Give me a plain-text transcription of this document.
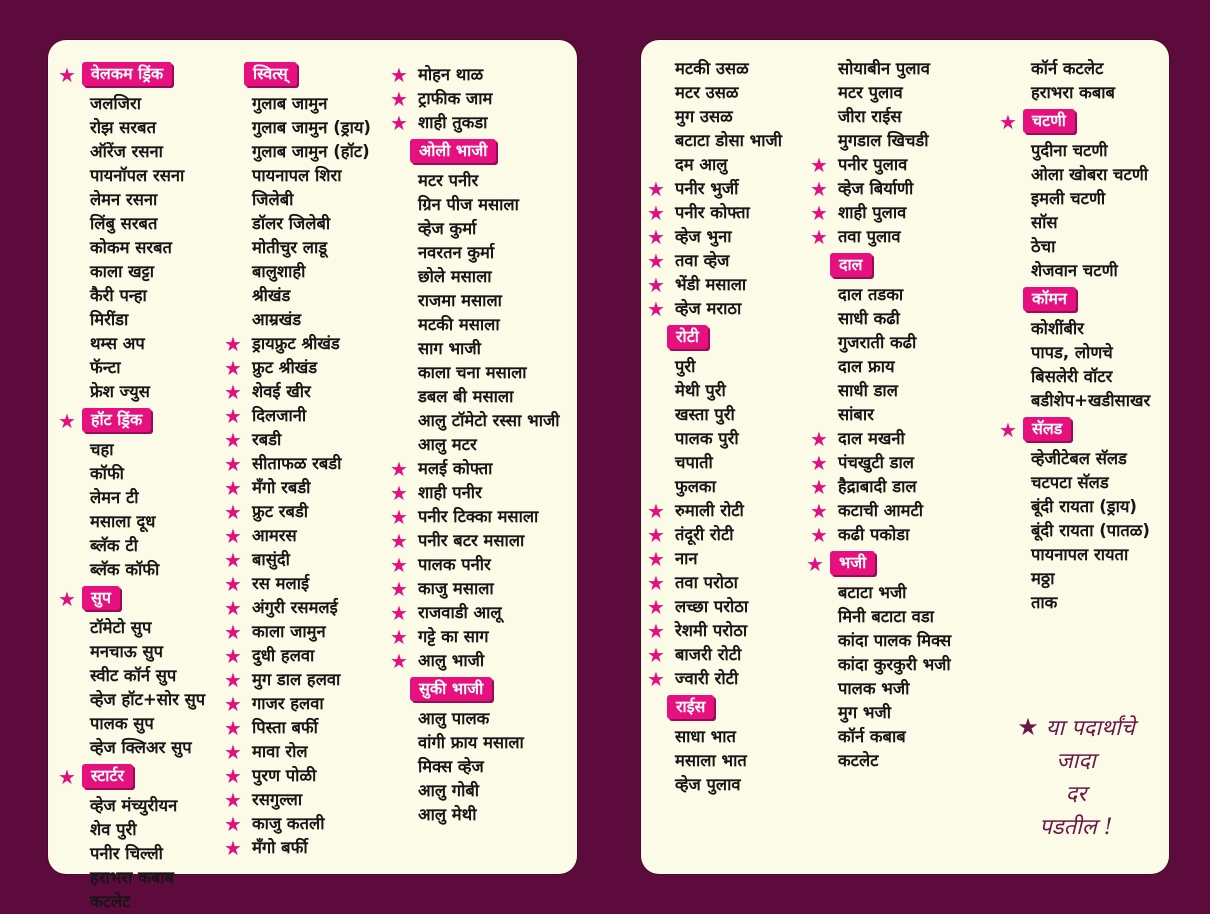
★ वेलकम ड्रिंक
जलजिरा
रोझ सरबत
ऑरेंज रसना
पायनॉपल रसना
लेमन रसना
लिंबु सरबत
कोकम सरबत
काला खट्टा
कैरी पन्हा
मिरींडा
थम्स अप
फॅन्टा
फ्रेश ज्युस
★ हॉट ड्रिंक
चहा
कॉफी
लेमन टी
मसाला दूध
ब्लॅक टी
ब्लॅक कॉफी
★ सुप
टॉमेटो सुप
मनचाऊ सुप
स्वीट कॉर्न सुप
व्हेज हॉट+सोर सुप
पालक सुप
व्हेज क्लिअर सुप
★ स्टार्टर
व्हेज मंच्युरीयन
शेव पुरी
पनीर चिल्ली
हराभरा कबाब
कटलेट
स्वित्स्
गुलाब जामुन
गुलाब जामुन (ड्राय)
गुलाब जामुन (हॉट)
पायनापल शिरा
जिलेबी
डॉलर जिलेबी
मोतीचुर लाडू
बालुशाही
श्रीखंड
आम्रखंड
★ ड्रायफ्रुट श्रीखंड
★ फ्रुट श्रीखंड
★ शेवई खीर
★ दिलजानी
★ रबडी
★ सीताफळ रबडी
★ मॅंगो रबडी
★ फ्रुट रबडी
★ आमरस
★ बासुंदी
★ रस मलाई
★ अंगुरी रसमलई
★ काला जामुन
★ दुधी हलवा
★ मुग डाल हलवा
★ गाजर हलवा
★ पिस्ता बर्फी
★ मावा रोल
★ पुरण पोळी
★ रसगुल्ला
★ काजु कतली
★ मॅंगो बर्फी
★ मोहन थाळ
★ ट्राफीक जाम
★ शाही तुकडा
ओली भाजी
मटर पनीर
ग्रिन पीज मसाला
व्हेज कुर्मा
नवरतन कुर्मा
छोले मसाला
राजमा मसाला
मटकी मसाला
साग भाजी
काला चना मसाला
डबल बी मसाला
आलु टॉमेटो रस्सा भाजी
आलु मटर
★ मलई कोफ्ता
★ शाही पनीर
★ पनीर टिक्का मसाला
★ पनीर बटर मसाला
★ पालक पनीर
★ काजु मसाला
★ राजवाडी आलू
★ गट्टे का साग
★ आलु भाजी
सुकी भाजी
आलु पालक
वांगी फ्राय मसाला
मिक्स व्हेज
आलु गोबी
आलु मेथी
मटकी उसळ
मटर उसळ
मुग उसळ
बटाटा डोसा भाजी
दम आलु
★ पनीर भुर्जी
★ पनीर कोफ्ता
★ व्हेज भुना
★ तवा व्हेज
★ भेंडी मसाला
★ व्हेज मराठा
रोटी
पुरी
मेथी पुरी
खस्ता पुरी
पालक पुरी
चपाती
फुलका
★ रुमाली रोटी
★ तंदूरी रोटी
★ नान
★ तवा परोठा
★ लच्छा परोठा
★ रेशमी परोठा
★ बाजरी रोटी
★ ज्वारी रोटी
राईस
साधा भात
मसाला भात
व्हेज पुलाव
सोयाबीन पुलाव
मटर पुलाव
जीरा राईस
मुगडाल खिचडी
★ पनीर पुलाव
★ व्हेज बिर्याणी
★ शाही पुलाव
★ तवा पुलाव
दाल
दाल तडका
साधी कढी
गुजराती कढी
दाल फ्राय
साधी डाल
सांबार
★ दाल मखनी
★ पंचखुटी डाल
★ हैद्राबादी डाल
★ कटाची आमटी
★ कढी पकोडा
★ भजी
बटाटा भजी
मिनी बटाटा वडा
कांदा पालक मिक्स
कांदा कुरकुरी भजी
पालक भजी
मुग भजी
कॉर्न कबाब
कटलेट
कॉर्न कटलेट
हराभरा कबाब
★ चटणी
पुदीना चटणी
ओला खोबरा चटणी
इमली चटणी
सॉस
ठेचा
शेजवान चटणी
कॉमन
कोशींबीर
पापड, लोणचे
बिसलेरी वॉटर
बडीशेप+खडीसाखर
★ सॅलड
व्हेजीटेबल सॅलड
चटपटा सॅलड
बूंदी रायता (ड्राय)
बूंदी रायता (पातळ)
पायनापल रायता
मठ्ठा
ताक
★ या पदार्थांचे
जादा
दर
पडतील !
